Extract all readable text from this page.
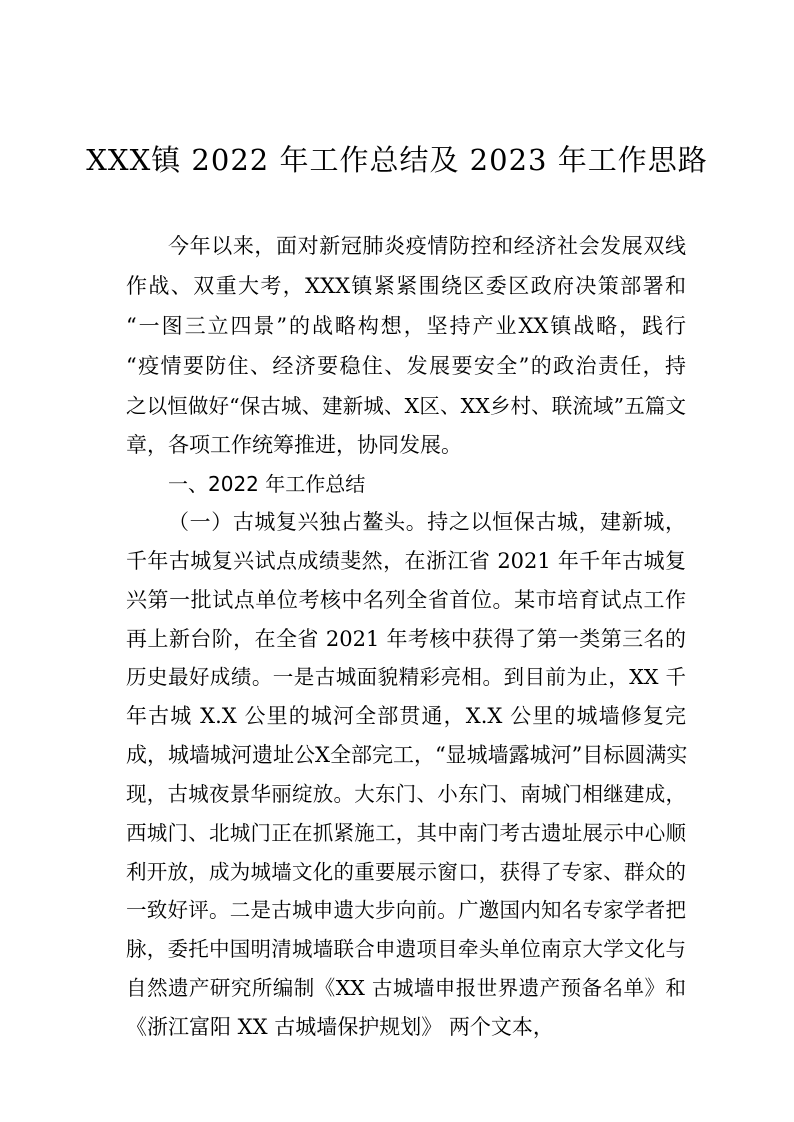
XXX镇 2022 年工作总结及 2023 年工作思路
今年以来，面对新冠肺炎疫情防控和经济社会发展双线
作战、双重大考，XXX镇紧紧围绕区委区政府决策部署和
“一图三立四景”的战略构想，坚持产业XX镇战略，践行
“疫情要防住、经济要稳住、发展要安全”的政治责任，持
之以恒做好“保古城、建新城、X区、XX乡村、联流域”五篇文
章，各项工作统筹推进，协同发展。
一、2022 年工作总结
（一）古城复兴独占鳌头。持之以恒保古城，建新城，
千年古城复兴试点成绩斐然，在浙江省 2021 年千年古城复
兴第一批试点单位考核中名列全省首位。某市培育试点工作
再上新台阶，在全省 2021 年考核中获得了第一类第三名的
历史最好成绩。一是古城面貌精彩亮相。到目前为止，XX 千
年古城 X.X 公里的城河全部贯通，X.X 公里的城墙修复完
成，城墙城河遗址公X全部完工，“显城墙露城河”目标圆满实
现，古城夜景华丽绽放。大东门、小东门、南城门相继建成，
西城门、北城门正在抓紧施工，其中南门考古遗址展示中心顺
利开放，成为城墙文化的重要展示窗口，获得了专家、群众的
一致好评。二是古城申遗大步向前。广邀国内知名专家学者把
脉，委托中国明清城墙联合申遗项目牵头单位南京大学文化与
自然遗产研究所编制《XX 古城墙申报世界遗产预备名单》和
《浙江富阳 XX 古城墙保护规划》 两个文本，
